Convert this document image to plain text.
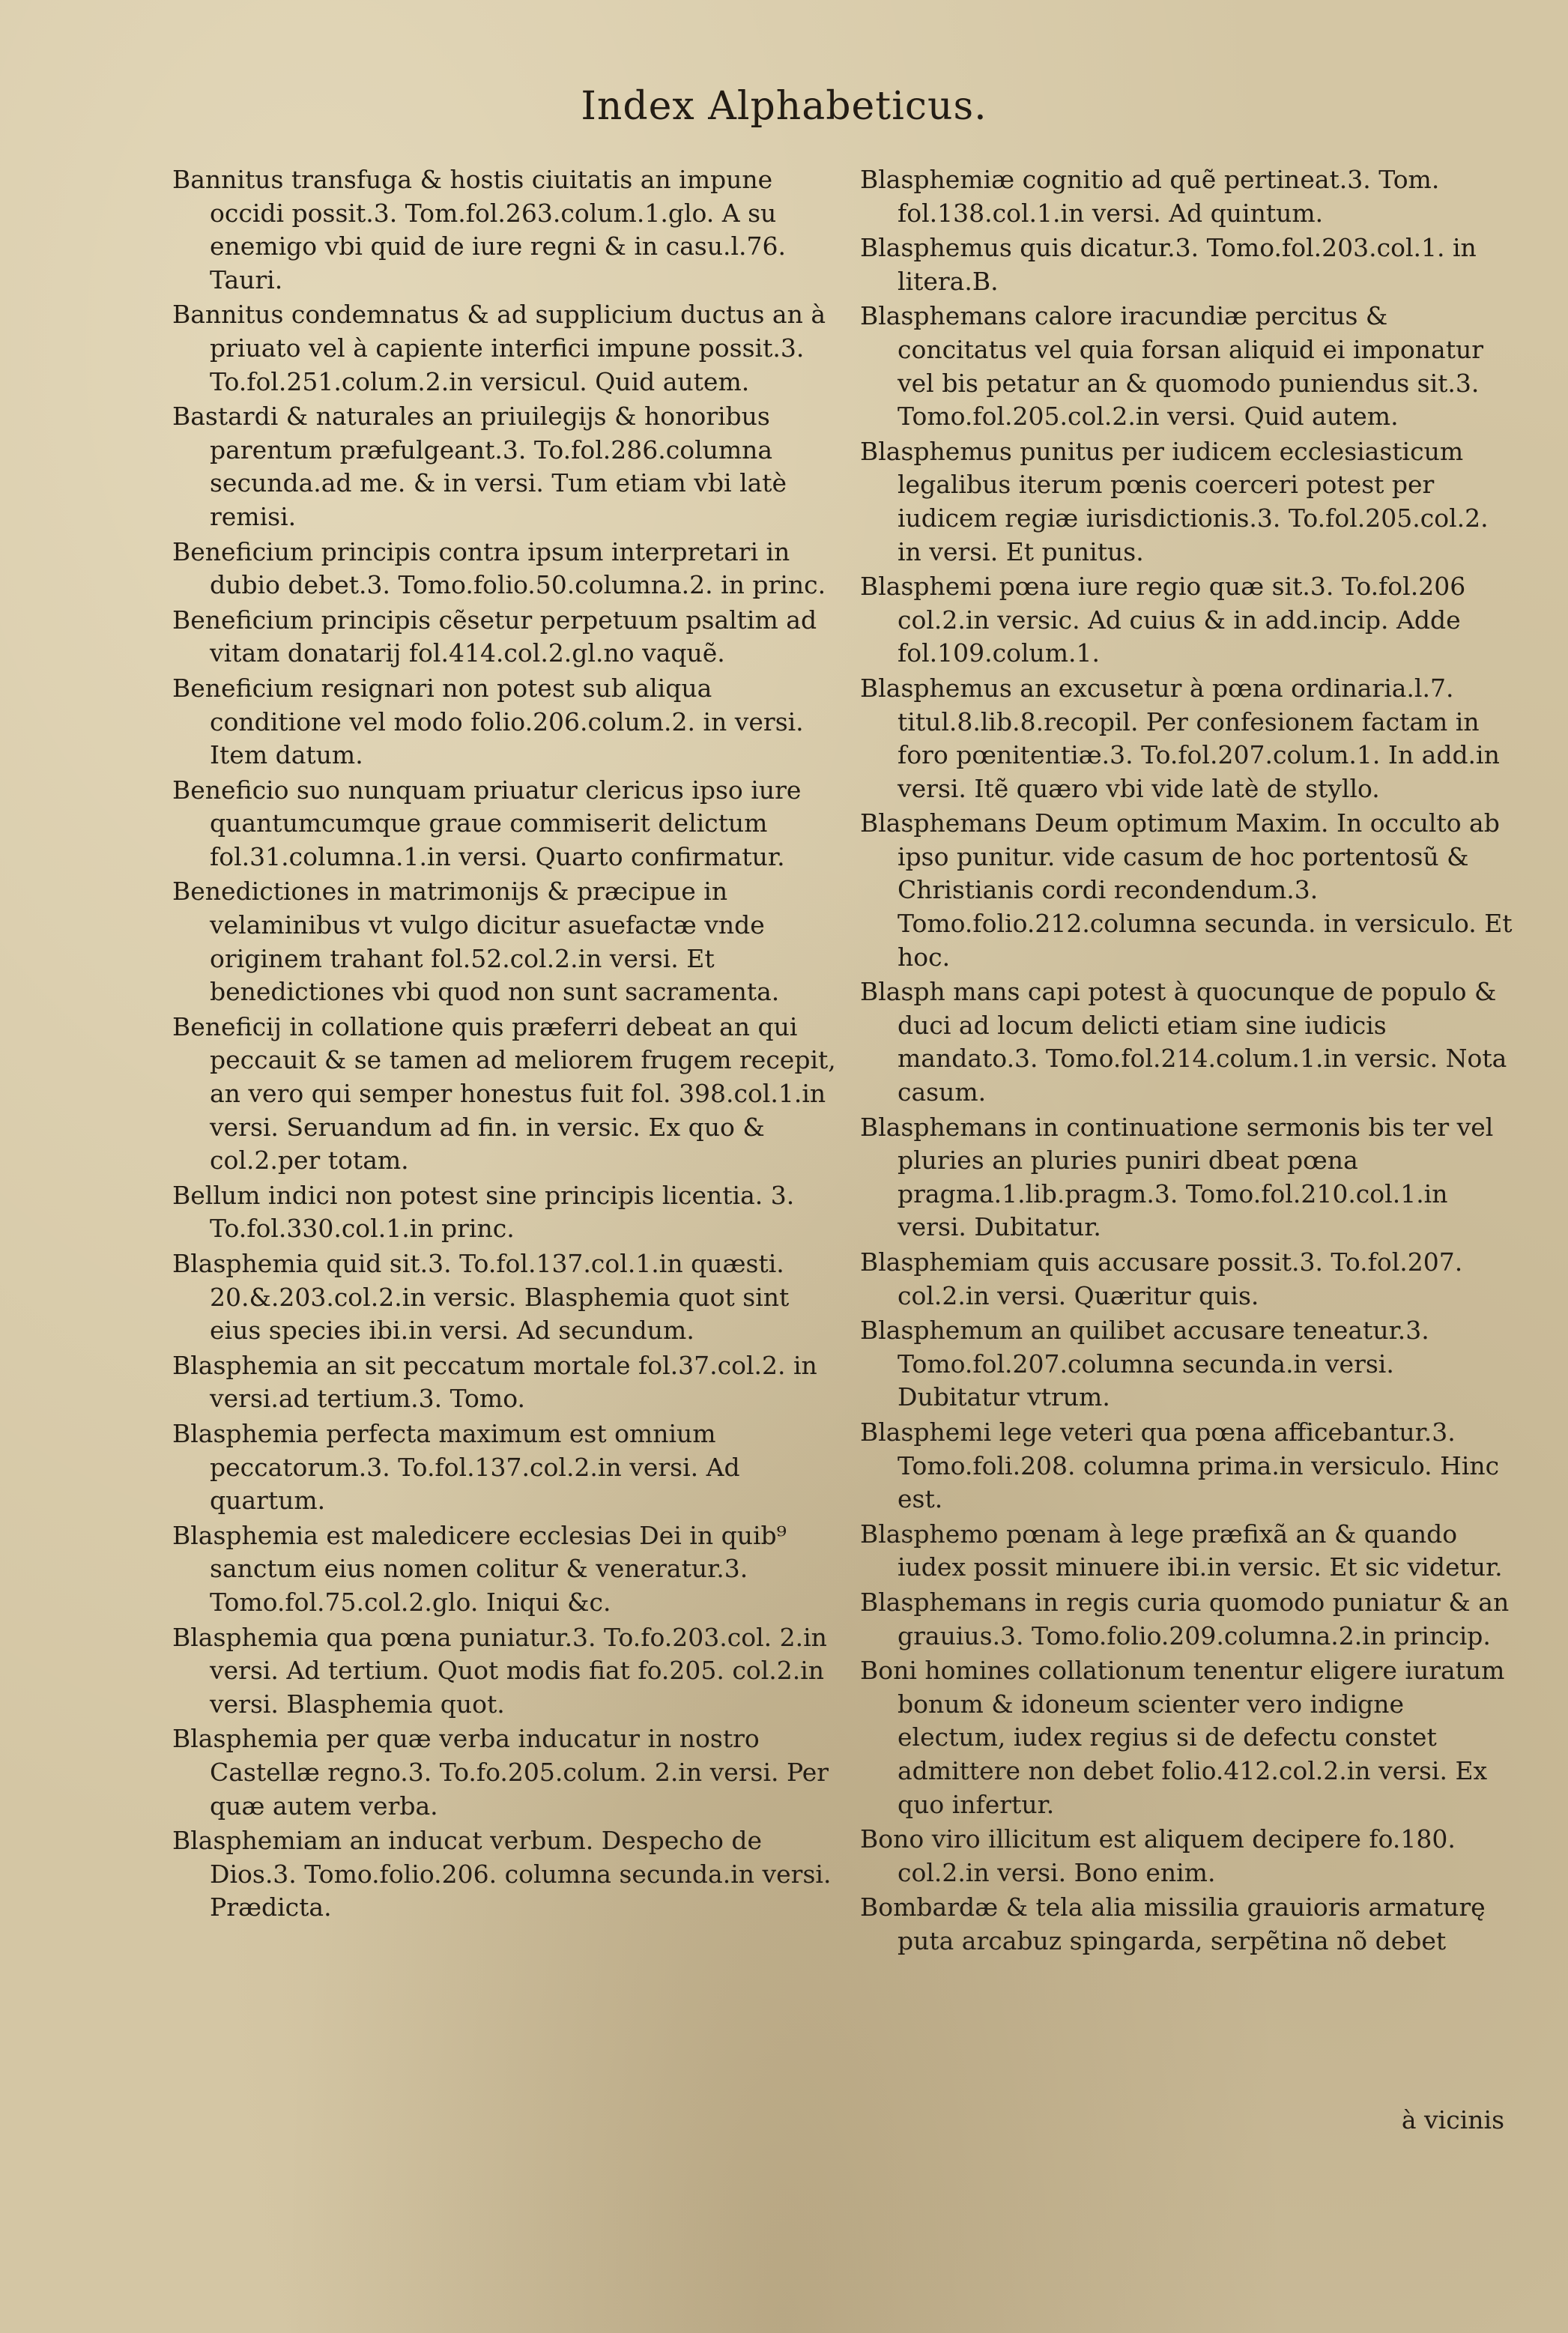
Index Alphabeticus.
Bannitus transfuga & hostis ciuitatis an impune occidi possit.3. Tom.fol.263.colum.1.glo. A su enemigo vbi quid de iure regni & in casu.l.76. Tauri.
Bannitus condemnatus & ad supplicium ductus an à priuato vel à capiente interfici impune possit.3. To.fol.251.colum.2.in versicul. Quid autem.
Bastardi & naturales an priuilegijs & honoribus parentum præfulgeant.3. To.fol.286.columna secunda.ad me. & in versi. Tum etiam vbi latè remisi.
Beneficium principis contra ipsum interpretari in dubio debet.3. Tomo.folio.50.columna.2. in princ.
Beneficium principis cẽsetur perpetuum psaltim ad vitam donatarij fol.414.col.2.gl.no vaquẽ.
Beneficium resignari non potest sub aliqua conditione vel modo folio.206.colum.2. in versi. Item datum.
Beneficio suo nunquam priuatur clericus ipso iure quantumcumque graue commiserit delictum fol.31.columna.1.in versi. Quarto confirmatur.
Benedictiones in matrimonijs & præcipue in velaminibus vt vulgo dicitur asuefactæ vnde originem trahant fol.52.col.2.in versi. Et benedictiones vbi quod non sunt sacramenta.
Beneficij in collatione quis præferri debeat an qui peccauit & se tamen ad meliorem frugem recepit, an vero qui semper honestus fuit fol. 398.col.1.in versi. Seruandum ad fin. in versic. Ex quo & col.2.per totam.
Bellum indici non potest sine principis licentia. 3. To.fol.330.col.1.in princ.
Blasphemia quid sit.3. To.fol.137.col.1.in quæsti. 20.&.203.col.2.in versic. Blasphemia quot sint eius species ibi.in versi. Ad secundum.
Blasphemia an sit peccatum mortale fol.37.col.2. in versi.ad tertium.3. Tomo.
Blasphemia perfecta maximum est omnium peccatorum.3. To.fol.137.col.2.in versi. Ad quartum.
Blasphemia est maledicere ecclesias Dei in quib⁹ sanctum eius nomen colitur & veneratur.3. Tomo.fol.75.col.2.glo. Iniqui &c.
Blasphemia qua pœna puniatur.3. To.fo.203.col. 2.in versi. Ad tertium. Quot modis fiat fo.205. col.2.in versi. Blasphemia quot.
Blasphemia per quæ verba inducatur in nostro Castellæ regno.3. To.fo.205.colum. 2.in versi. Per quæ autem verba.
Blasphemiam an inducat verbum. Despecho de Dios.3. Tomo.folio.206. columna secunda.in versi. Prædicta.
Blasphemiæ cognitio ad quẽ pertineat.3. Tom. fol.138.col.1.in versi. Ad quintum.
Blasphemus quis dicatur.3. Tomo.fol.203.col.1. in litera.B.
Blasphemans calore iracundiæ percitus & concitatus vel quia forsan aliquid ei imponatur vel bis petatur an & quomodo puniendus sit.3. Tomo.fol.205.col.2.in versi. Quid autem.
Blasphemus punitus per iudicem ecclesiasticum legalibus iterum pœnis coerceri potest per iudicem regiæ iurisdictionis.3. To.fol.205.col.2. in versi. Et punitus.
Blasphemi pœna iure regio quæ sit.3. To.fol.206 col.2.in versic. Ad cuius & in add.incip. Adde fol.109.colum.1.
Blasphemus an excusetur à pœna ordinaria.l.7. titul.8.lib.8.recopil. Per confesionem factam in foro pœnitentiæ.3. To.fol.207.colum.1. In add.in versi. Itẽ quæro vbi vide latè de styllo.
Blasphemans Deum optimum Maxim. In occulto ab ipso punitur. vide casum de hoc portentosũ & Christianis cordi recondendum.3. Tomo.folio.212.columna secunda. in versiculo. Et hoc.
Blasph mans capi potest à quocunque de populo & duci ad locum delicti etiam sine iudicis mandato.3. Tomo.fol.214.colum.1.in versic. Nota casum.
Blasphemans in continuatione sermonis bis ter vel pluries an pluries puniri dbeat pœna pragma.1.lib.pragm.3. Tomo.fol.210.col.1.in versi. Dubitatur.
Blasphemiam quis accusare possit.3. To.fol.207. col.2.in versi. Quæritur quis.
Blasphemum an quilibet accusare teneatur.3. Tomo.fol.207.columna secunda.in versi. Dubitatur vtrum.
Blasphemi lege veteri qua pœna afficebantur.3. Tomo.foli.208. columna prima.in versiculo. Hinc est.
Blasphemo pœnam à lege præfixã an & quando iudex possit minuere ibi.in versic. Et sic videtur.
Blasphemans in regis curia quomodo puniatur & an grauius.3. Tomo.folio.209.columna.2.in princip.
Boni homines collationum tenentur eligere iuratum bonum & idoneum scienter vero indigne electum, iudex regius si de defectu constet admittere non debet folio.412.col.2.in versi. Ex quo infertur.
Bono viro illicitum est aliquem decipere fo.180. col.2.in versi. Bono enim.
Bombardæ & tela alia missilia grauioris armaturę puta arcabuz spingarda, serpẽtina nõ debet
à vicinis
